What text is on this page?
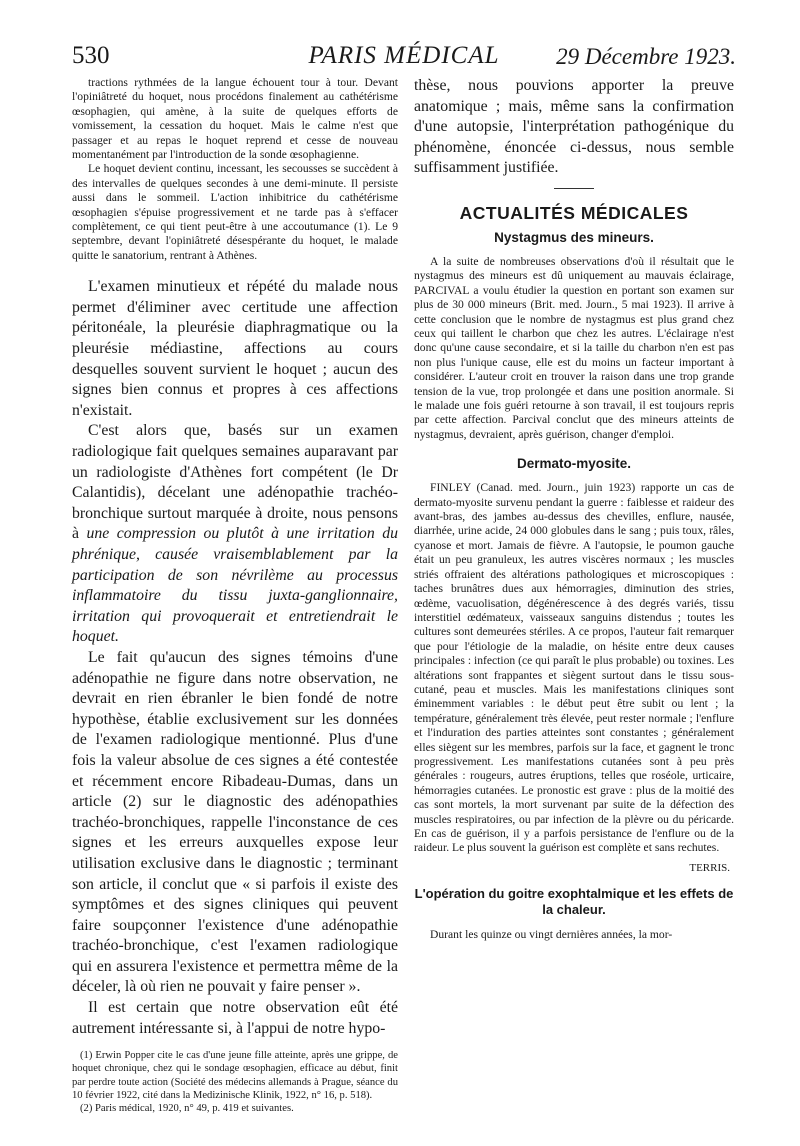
530	PARIS MÉDICAL	29 Décembre 1923.

tractions rythmées de la langue échouent tour à tour. Devant l'opiniâtreté du hoquet, nous procédons finalement au cathétérisme œsophagien, qui amène, à la suite de quelques efforts de vomissement, la cessation du hoquet. Mais le calme n'est que passager et au repas le hoquet reprend et cesse de nouveau momentanément par l'introduction de la sonde œsophagienne.

Le hoquet devient continu, incessant, les secousses se succèdent à des intervalles de quelques secondes à une demi-minute. Il persiste aussi dans le sommeil. L'action inhibitrice du cathétérisme œsophagien s'épuise progressivement et ne tarde pas à s'effacer complètement, ce qui tient peut-être à une accoutumance (1). Le 9 septembre, devant l'opiniâtreté désespérante du hoquet, le malade quitte le sanatorium, rentrant à Athènes.

L'examen minutieux et répété du malade nous permet d'éliminer avec certitude une affection péritonéale, la pleurésie diaphragmatique ou la pleurésie médiastine, affections au cours desquelles souvent survient le hoquet ; aucun des signes bien connus et propres à ces affections n'existait.

C'est alors que, basés sur un examen radiologique fait quelques semaines auparavant par un radiologiste d'Athènes fort compétent (le Dr Calantidis), décelant une adénopathie trachéo-bronchique surtout marquée à droite, nous pensons à une compression ou plutôt à une irritation du phrénique, causée vraisemblablement par la participation de son névrilème au processus inflammatoire du tissu juxta-ganglionnaire, irritation qui provoquerait et entretiendrait le hoquet.

Le fait qu'aucun des signes témoins d'une adénopathie ne figure dans notre observation, ne devrait en rien ébranler le bien fondé de notre hypothèse, établie exclusivement sur les données de l'examen radiologique mentionné. Plus d'une fois la valeur absolue de ces signes a été contestée et récemment encore Ribadeau-Dumas, dans un article (2) sur le diagnostic des adénopathies trachéo-bronchiques, rappelle l'inconstance de ces signes et les erreurs auxquelles expose leur utilisation exclusive dans le diagnostic ; terminant son article, il conclut que « si parfois il existe des symptômes et des signes cliniques qui peuvent faire soupçonner l'existence d'une adénopathie trachéo-bronchique, c'est l'examen radiologique qui en assurera l'existence et permettra même de la déceler, là où rien ne pouvait y faire penser ».

Il est certain que notre observation eût été autrement intéressante si, à l'appui de notre hypo-

(1) Erwin Popper cite le cas d'une jeune fille atteinte, après une grippe, de hoquet chronique, chez qui le sondage œsophagien, efficace au début, finit par perdre toute action (Société des médecins allemands à Prague, séance du 10 février 1922, cité dans la Medizinische Klinik, 1922, n° 16, p. 518).

(2) Paris médical, 1920, n° 49, p. 419 et suivantes.

thèse, nous pouvions apporter la preuve anatomique ; mais, même sans la confirmation d'une autopsie, l'interprétation pathogénique du phénomène, énoncée ci-dessus, nous semble suffisamment justifiée.

ACTUALITÉS MÉDICALES
Nystagmus des mineurs.

A la suite de nombreuses observations d'où il résultait que le nystagmus des mineurs est dû uniquement au mauvais éclairage, PARCIVAL a voulu étudier la question en portant son examen sur plus de 30 000 mineurs (Brit. med. Journ., 5 mai 1923). Il arrive à cette conclusion que le nombre de nystagmus est plus grand chez ceux qui taillent le charbon que chez les autres. L'éclairage n'est donc qu'une cause secondaire, et si la taille du charbon n'en est pas non plus l'unique cause, elle est du moins un facteur important à considérer. L'auteur croit en trouver la raison dans une trop grande tension de la vue, trop prolongée et dans une position anormale. Si le malade une fois guéri retourne à son travail, il est toujours repris par cette affection. Parcival conclut que des mineurs atteints de nystagmus, devraient, après guérison, changer d'emploi.

Dermato-myosite.

FINLEY (Canad. med. Journ., juin 1923) rapporte un cas de dermato-myosite survenu pendant la guerre : faiblesse et raideur des avant-bras, des jambes au-dessus des chevilles, enflure, nausée, diarrhée, urine acide, 24 000 globules dans le sang ; puis toux, râles, cyanose et mort. Jamais de fièvre. A l'autopsie, le poumon gauche était un peu granuleux, les autres viscères normaux ; les muscles striés offraient des altérations pathologiques et microscopiques : taches brunâtres dues aux hémorragies, diminution des stries, œdème, vacuolisation, dégénérescence à des degrés variés, tissu interstitiel œdémateux, vaisseaux sanguins distendus ; toutes les cultures sont demeurées stériles. A ce propos, l'auteur fait remarquer que pour l'étiologie de la maladie, on hésite entre deux causes principales : infection (ce qui paraît le plus probable) ou toxines. Les altérations sont frappantes et siègent surtout dans le tissu sous-cutané, peau et muscles. Mais les manifestations cliniques sont éminemment variables : le début peut être subit ou lent ; la température, généralement très élevée, peut rester normale ; l'enflure et l'induration des parties atteintes sont constantes ; généralement elles siègent sur les membres, parfois sur la face, et gagnent le tronc progressivement. Les manifestations cutanées sont à peu près générales : rougeurs, autres éruptions, telles que roséole, urticaire, hémorragies cutanées. Le pronostic est grave : plus de la moitié des cas sont mortels, la mort survenant par suite de la défection des muscles respiratoires, ou par infection de la plèvre ou du péricarde. En cas de guérison, il y a parfois persistance de l'enflure ou de la raideur. Le plus souvent la guérison est complète et sans rechutes.

TERRIS.
L'opération du goitre exophtalmique et les effets de la chaleur.

Durant les quinze ou vingt dernières années, la mor-
